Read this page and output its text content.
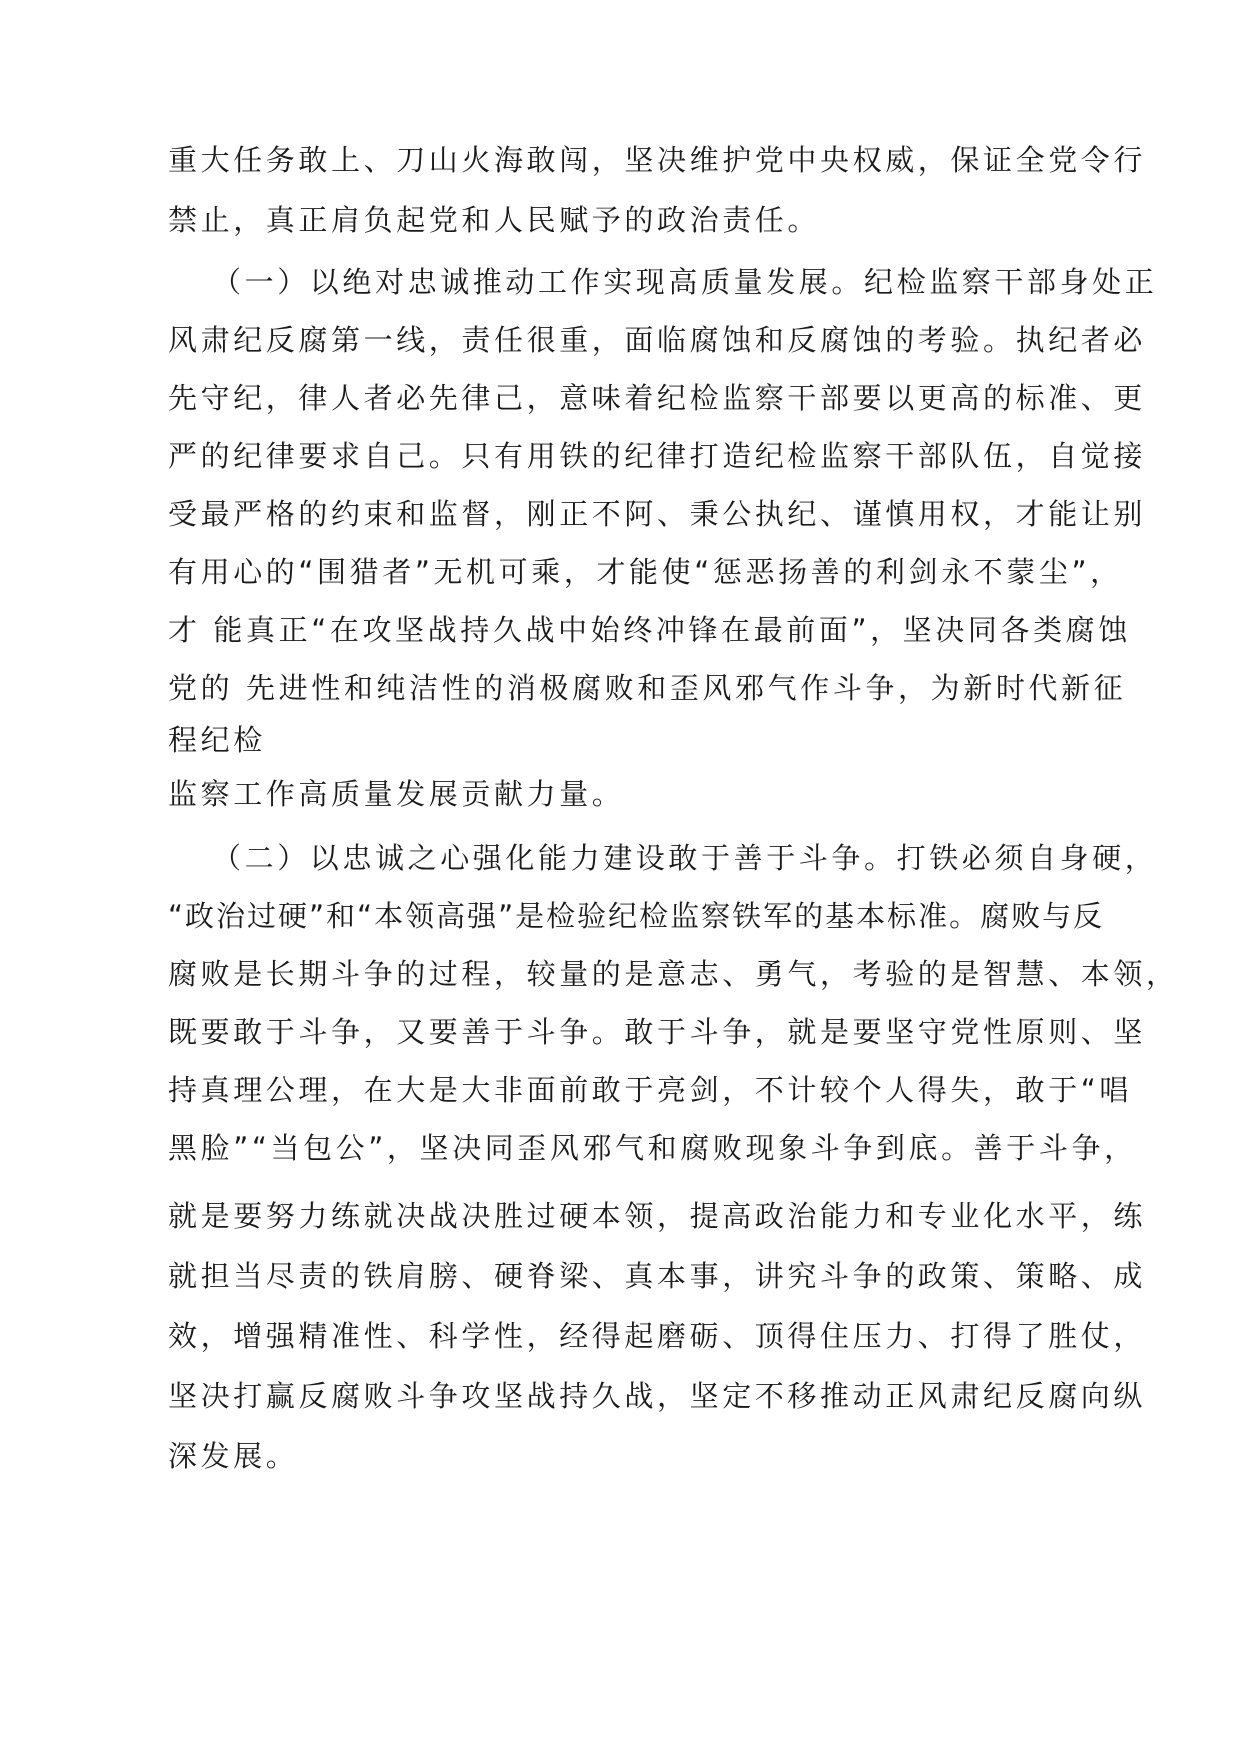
重大任务敢上、刀山火海敢闯，坚决维护党中央权威，保证全党令行

禁止，真正肩负起党和人民赋予的政治责任。

（一）以绝对忠诚推动工作实现高质量发展。纪检监察干部身处正

风肃纪反腐第一线，责任很重，面临腐蚀和反腐蚀的考验。执纪者必

先守纪，律人者必先律己，意味着纪检监察干部要以更高的标准、更

严的纪律要求自己。只有用铁的纪律打造纪检监察干部队伍，自觉接

受最严格的约束和监督，刚正不阿、秉公执纪、谨慎用权，才能让别

有用心的“围猎者”无机可乘，才能使“惩恶扬善的利剑永不蒙尘”，

才 能真正“在攻坚战持久战中始终冲锋在最前面”，坚决同各类腐蚀

党的 先进性和纯洁性的消极腐败和歪风邪气作斗争，为新时代新征

程纪检

监察工作高质量发展贡献力量。

（二）以忠诚之心强化能力建设敢于善于斗争。打铁必须自身硬，

“政治过硬”和“本领高强”是检验纪检监察铁军的基本标准。腐败与反

腐败是长期斗争的过程，较量的是意志、勇气，考验的是智慧、本领，

既要敢于斗争，又要善于斗争。敢于斗争，就是要坚守党性原则、坚

持真理公理，在大是大非面前敢于亮剑，不计较个人得失，敢于“唱

黑脸”“当包公”，坚决同歪风邪气和腐败现象斗争到底。善于斗争，

就是要努力练就决战决胜过硬本领，提高政治能力和专业化水平，练

就担当尽责的铁肩膀、硬脊梁、真本事，讲究斗争的政策、策略、成

效，增强精准性、科学性，经得起磨砺、顶得住压力、打得了胜仗，

坚决打赢反腐败斗争攻坚战持久战，坚定不移推动正风肃纪反腐向纵

深发展。
